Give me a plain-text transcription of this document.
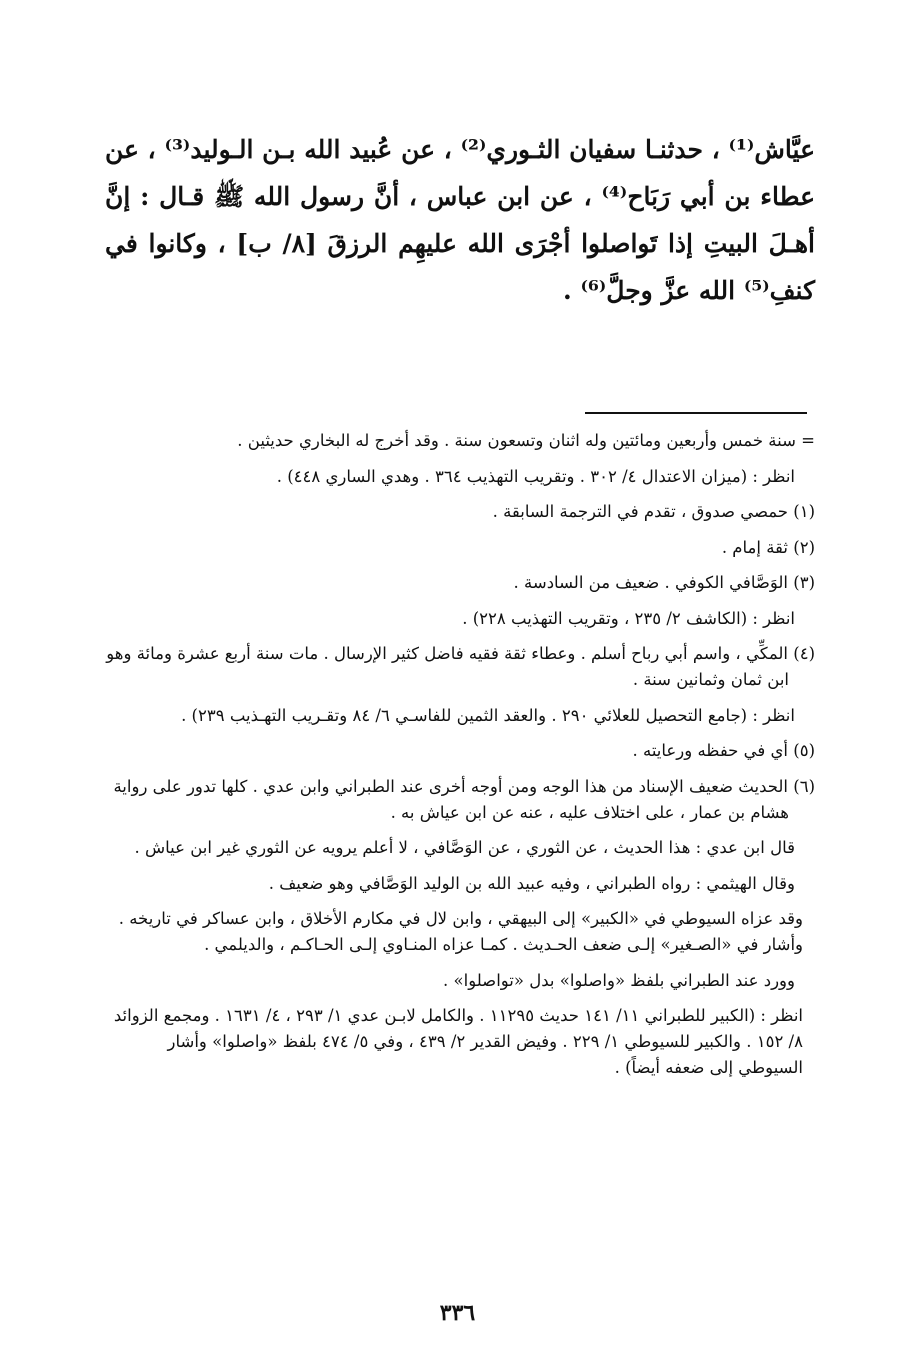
عيَّاش⁽¹⁾ ، حدثنـا سفيان الثـوري⁽²⁾ ، عن عُبيد الله بـن الـوليد⁽³⁾ ، عن عطاء بن أبي رَبَاح⁽⁴⁾ ، عن ابن عباس ، أنَّ رسول الله ﷺ قـال : إنَّ أهـلَ البيتِ إذا تَواصلوا أجْرَى الله عليهِم الرزقَ [٨/ ب] ، وكانوا في كنفِ⁽⁵⁾ الله عزَّ وجلَّ⁽⁶⁾ .

= سنة خمس وأربعين ومائتين وله اثنان وتسعون سنة . وقد أخرج له البخاري حديثين .

انظر : (ميزان الاعتدال ٤/ ٣٠٢ . وتقريب التهذيب ٣٦٤ . وهدي الساري ٤٤٨) .

(١) حمصي صدوق ، تقدم في الترجمة السابقة .

(٢) ثقة إمام .

(٣) الوَصَّافي الكوفي . ضعيف من السادسة .

انظر : (الكاشف ٢/ ٢٣٥ ، وتقريب التهذيب ٢٢٨) .

(٤) المكِّي ، واسم أبي رباح أسلم . وعطاء ثقة فقيه فاضل كثير الإرسال . مات سنة أربع عشرة ومائة وهو ابن ثمان وثمانين سنة .

انظر : (جامع التحصيل للعلائي ٢٩٠ . والعقد الثمين للفاسـي ٦/ ٨٤ وتقـريب التهـذيب ٢٣٩) .

(٥) أي في حفظه ورعايته .

(٦) الحديث ضعيف الإسناد من هذا الوجه ومن أوجه أخرى عند الطبراني وابن عدي . كلها تدور على رواية هشام بن عمار ، على اختلاف عليه ، عنه عن ابن عياش به .

قال ابن عدي : هذا الحديث ، عن الثوري ، عن الوَصَّافي ، لا أعلم يرويه عن الثوري غير ابن عياش .

وقال الهيثمي : رواه الطبراني ، وفيه عبيد الله بن الوليد الوَصَّافي وهو ضعيف .

وقد عزاه السيوطي في «الكبير» إلى البيهقي ، وابن لال في مكارم الأخلاق ، وابن عساكر في تاريخه . وأشار في «الصـغير» إلـى ضعف الحـديث . كمـا عزاه المنـاوي إلـى الحـاكـم ، والديلمي .

وورد عند الطبراني بلفظ «واصلوا» بدل «تواصلوا» .

انظر : (الكبير للطبراني ١١/ ١٤١ حديث ١١٢٩٥ . والكامل لابـن عدي ١/ ٢٩٣ ، ٤/ ١٦٣١ . ومجمع الزوائد ٨/ ١٥٢ . والكبير للسيوطي ١/ ٢٢٩ . وفيض القدير ٢/ ٤٣٩ ، وفي ٥/ ٤٧٤ بلفظ «واصلوا» وأشار السيوطي إلى ضعفه أيضاً) .

٣٣٦
